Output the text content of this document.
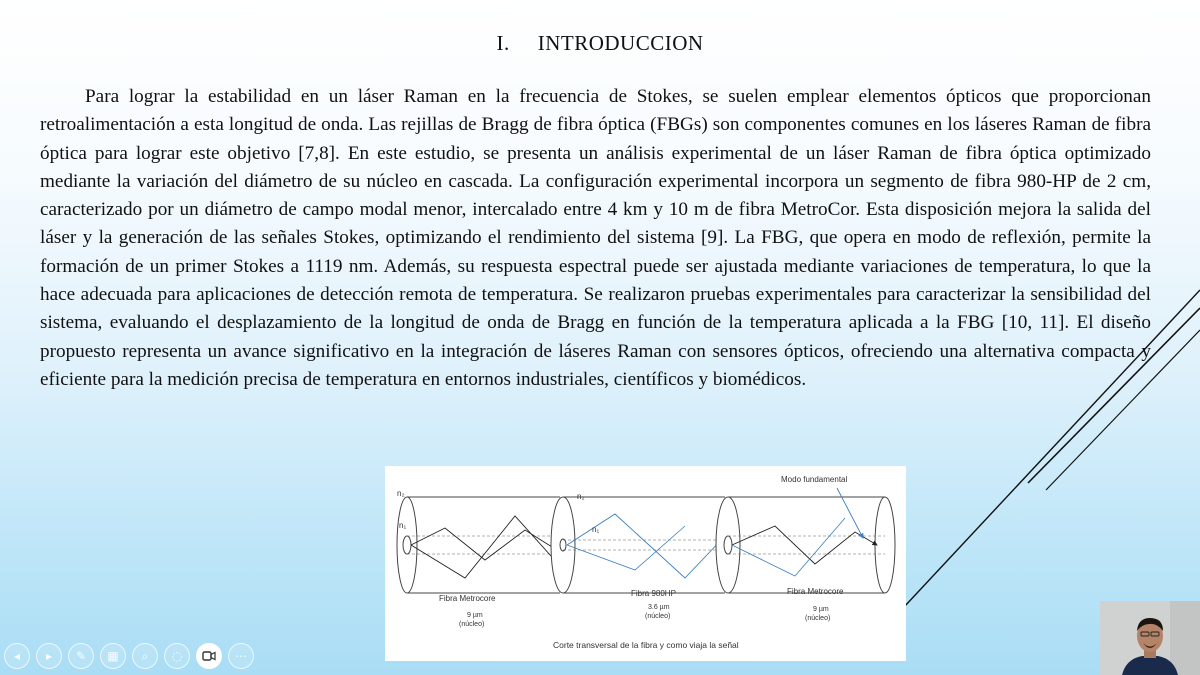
I. INTRODUCCION
Para lograr la estabilidad en un láser Raman en la frecuencia de Stokes, se suelen emplear elementos ópticos que proporcionan retroalimentación a esta longitud de onda. Las rejillas de Bragg de fibra óptica (FBGs) son componentes comunes en los láseres Raman de fibra óptica para lograr este objetivo [7,8]. En este estudio, se presenta un análisis experimental de un láser Raman de fibra óptica optimizado mediante la variación del diámetro de su núcleo en cascada. La configuración experimental incorpora un segmento de fibra 980-HP de 2 cm, caracterizado por un diámetro de campo modal menor, intercalado entre 4 km y 10 m de fibra MetroCor. Esta disposición mejora la salida del láser y la generación de las señales Stokes, optimizando el rendimiento del sistema [9]. La FBG, que opera en modo de reflexión, permite la formación de un primer Stokes a 1119 nm. Además, su respuesta espectral puede ser ajustada mediante variaciones de temperatura, lo que la hace adecuada para aplicaciones de detección remota de temperatura. Se realizaron pruebas experimentales para caracterizar la sensibilidad del sistema, evaluando el desplazamiento de la longitud de onda de Bragg en función de la temperatura aplicada a la FBG [10, 11]. El diseño propuesto representa un avance significativo en la integración de láseres Raman con sensores ópticos, ofreciendo una alternativa compacta y eficiente para la medición precisa de temperatura en entornos industriales, científicos y biomédicos.
n₂
n₁
n₂
n₁
Modo fundamental
Fibra Metrocore
9 µm
(núcleo)
Fibra 980HP
3.6 µm
(núcleo)
Fibra Metrocore
9 µm
(núcleo)
Corte transversal de la fibra y como viaja la señal
◂ ▸ ✎ ▦ ⌕ ◌	⋯
